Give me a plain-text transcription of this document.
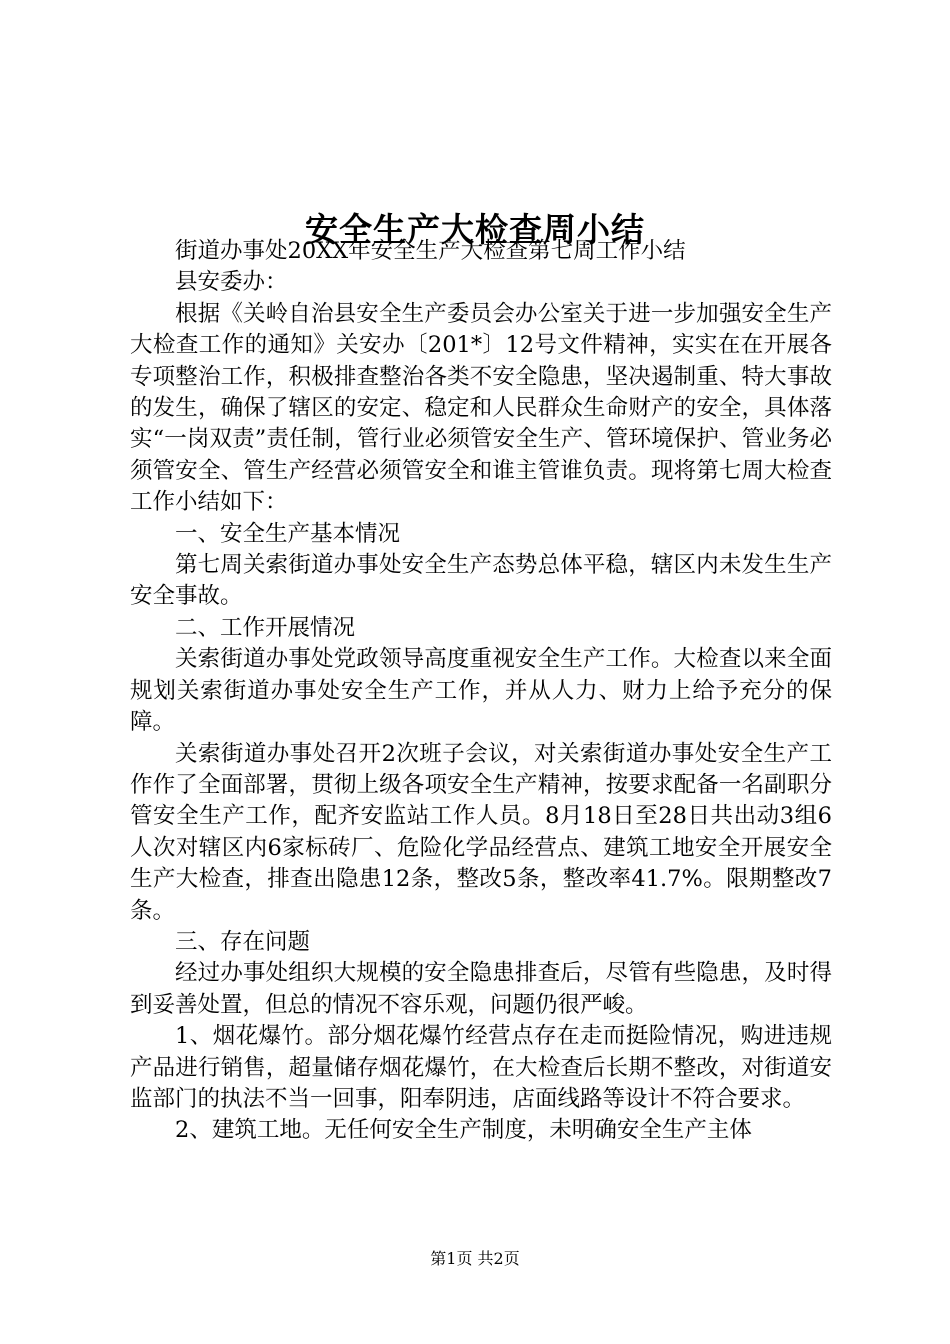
安全生产大检查周小结

街道办事处20XX年安全生产大检查第七周工作小结

县安委办：

根据《关岭自治县安全生产委员会办公室关于进一步加强安全生产大检查工作的通知》关安办〔201*〕12号文件精神，实实在在开展各专项整治工作，积极排查整治各类不安全隐患，坚决遏制重、特大事故的发生，确保了辖区的安定、稳定和人民群众生命财产的安全，具体落实“一岗双责”责任制，管行业必须管安全生产、管环境保护、管业务必须管安全、管生产经营必须管安全和谁主管谁负责。现将第七周大检查工作小结如下：

一、安全生产基本情况

第七周关索街道办事处安全生产态势总体平稳，辖区内未发生生产安全事故。

二、工作开展情况

关索街道办事处党政领导高度重视安全生产工作。大检查以来全面规划关索街道办事处安全生产工作，并从人力、财力上给予充分的保障。

关索街道办事处召开2次班子会议，对关索街道办事处安全生产工作作了全面部署，贯彻上级各项安全生产精神，按要求配备一名副职分管安全生产工作，配齐安监站工作人员。8月18日至28日共出动3组6人次对辖区内6家标砖厂、危险化学品经营点、建筑工地安全开展安全生产大检查，排查出隐患12条，整改5条，整改率41.7%。限期整改7条。

三、存在问题

经过办事处组织大规模的安全隐患排查后，尽管有些隐患，及时得到妥善处置，但总的情况不容乐观，问题仍很严峻。

1、烟花爆竹。部分烟花爆竹经营点存在走而挺险情况，购进违规产品进行销售，超量储存烟花爆竹，在大检查后长期不整改，对街道安监部门的执法不当一回事，阳奉阴违，店面线路等设计不符合要求。

2、建筑工地。无任何安全生产制度，未明确安全生产主体

第1页 共2页
